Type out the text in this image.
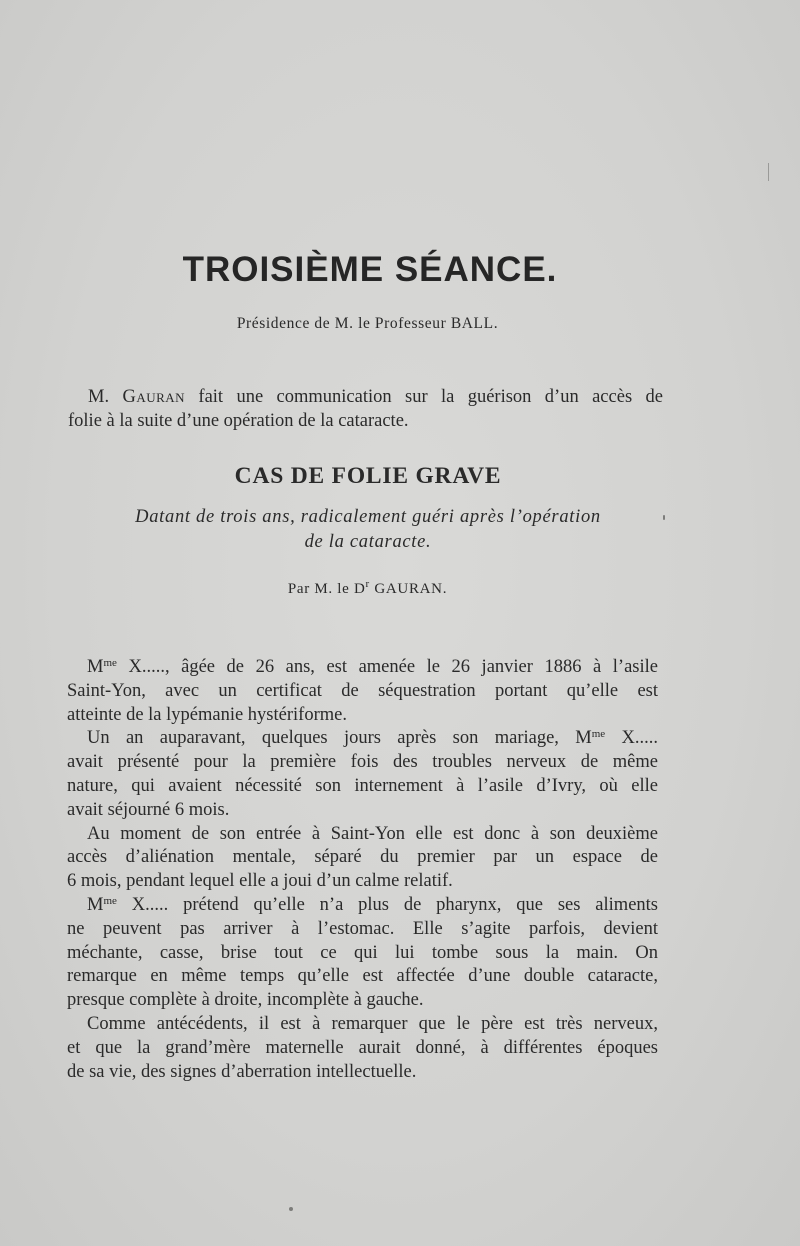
TROISIÈME SÉANCE.

Présidence de M. le Professeur BALL.

M. Gauran fait une communication sur la guérison d’un accès de
folie à la suite d’une opération de la cataracte.

CAS DE FOLIE GRAVE

Datant de trois ans, radicalement guéri après l’opération
de la cataracte.

Par M. le $D^r$ GAURAN.

$M^{me}$ X....., âgée de 26 ans, est amenée le 26 janvier 1886 à l’asile
Saint-Yon, avec un certificat de séquestration portant qu’elle est
atteinte de la lypémanie hystériforme.
Un an auparavant, quelques jours après son mariage, $M^{me}$ X.....
avait présenté pour la première fois des troubles nerveux de même
nature, qui avaient nécessité son internement à l’asile d’Ivry, où elle
avait séjourné 6 mois.
Au moment de son entrée à Saint-Yon elle est donc à son deuxième
accès d’aliénation mentale, séparé du premier par un espace de
6 mois, pendant lequel elle a joui d’un calme relatif.
$M^{me}$ X..... prétend qu’elle n’a plus de pharynx, que ses aliments
ne peuvent pas arriver à l’estomac. Elle s’agite parfois, devient
méchante, casse, brise tout ce qui lui tombe sous la main. On
remarque en même temps qu’elle est affectée d’une double cataracte,
presque complète à droite, incomplète à gauche.
Comme antécédents, il est à remarquer que le père est très nerveux,
et que la grand’mère maternelle aurait donné, à différentes époques
de sa vie, des signes d’aberration intellectuelle.
